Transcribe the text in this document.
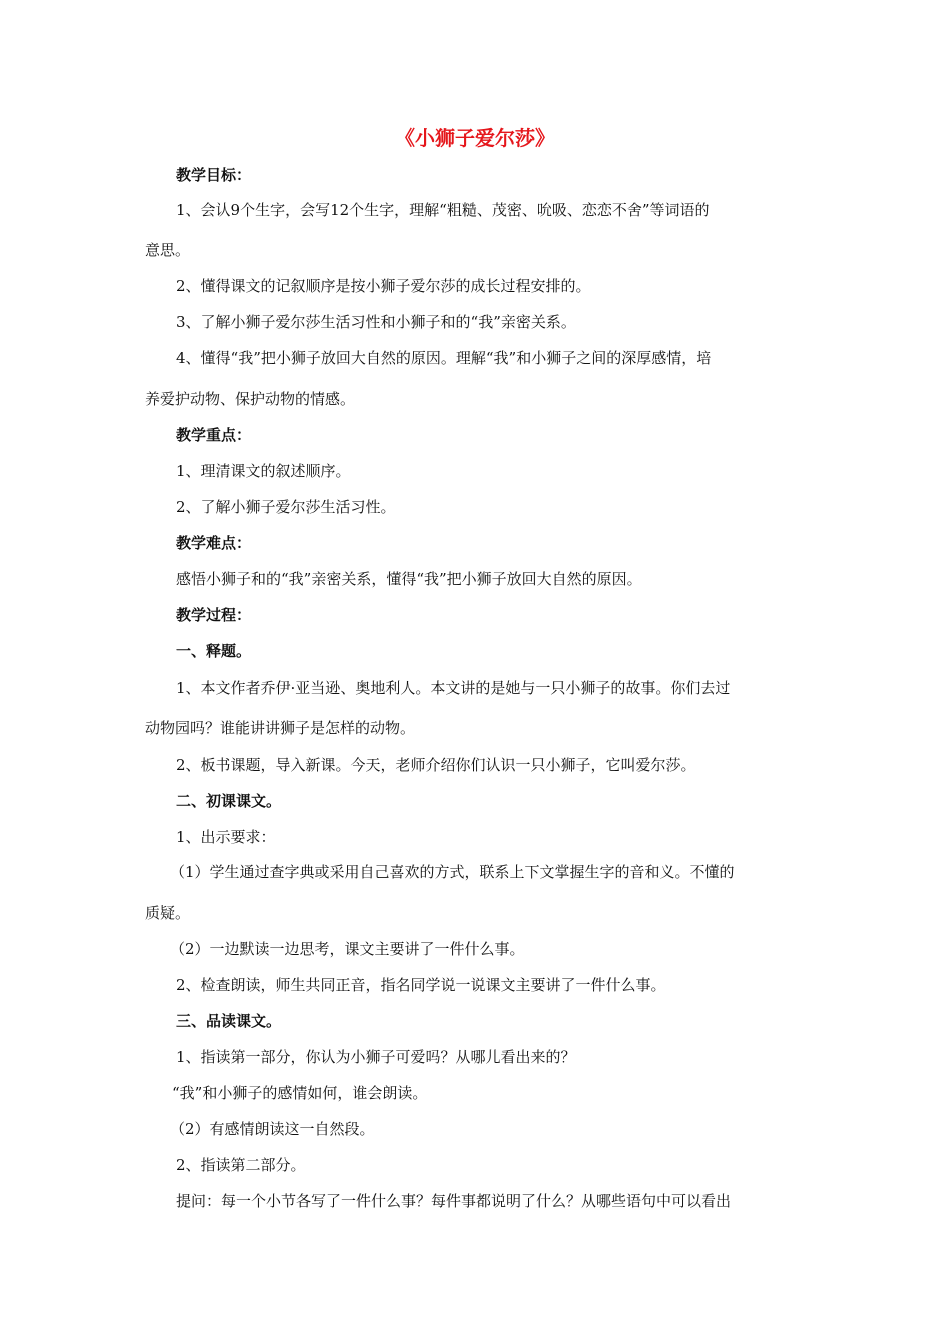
《小狮子爱尔莎》
教学目标：
1、会认9个生字，会写12个生字，理解“粗糙、茂密、吮吸、恋恋不舍”等词语的
意思。
2、懂得课文的记叙顺序是按小狮子爱尔莎的成长过程安排的。
3、了解小狮子爱尔莎生活习性和小狮子和的“我”亲密关系。
4、懂得“我”把小狮子放回大自然的原因。理解“我”和小狮子之间的深厚感情，培
养爱护动物、保护动物的情感。
教学重点：
1、理清课文的叙述顺序。
2、了解小狮子爱尔莎生活习性。
教学难点：
感悟小狮子和的“我”亲密关系，懂得“我”把小狮子放回大自然的原因。
教学过程：
一、释题。
1、本文作者乔伊·亚当逊、奥地利人。本文讲的是她与一只小狮子的故事。你们去过
动物园吗？谁能讲讲狮子是怎样的动物。
2、板书课题，导入新课。今天，老师介绍你们认识一只小狮子，它叫爱尔莎。
二、初课课文。
1、出示要求：
（1）学生通过查字典或采用自己喜欢的方式，联系上下文掌握生字的音和义。不懂的
质疑。
（2）一边默读一边思考，课文主要讲了一件什么事。
2、检查朗读，师生共同正音，指名同学说一说课文主要讲了一件什么事。
三、品读课文。
1、指读第一部分，你认为小狮子可爱吗？从哪儿看出来的？
“我”和小狮子的感情如何，谁会朗读。
（2）有感情朗读这一自然段。
2、指读第二部分。
提问：每一个小节各写了一件什么事？每件事都说明了什么？从哪些语句中可以看出
